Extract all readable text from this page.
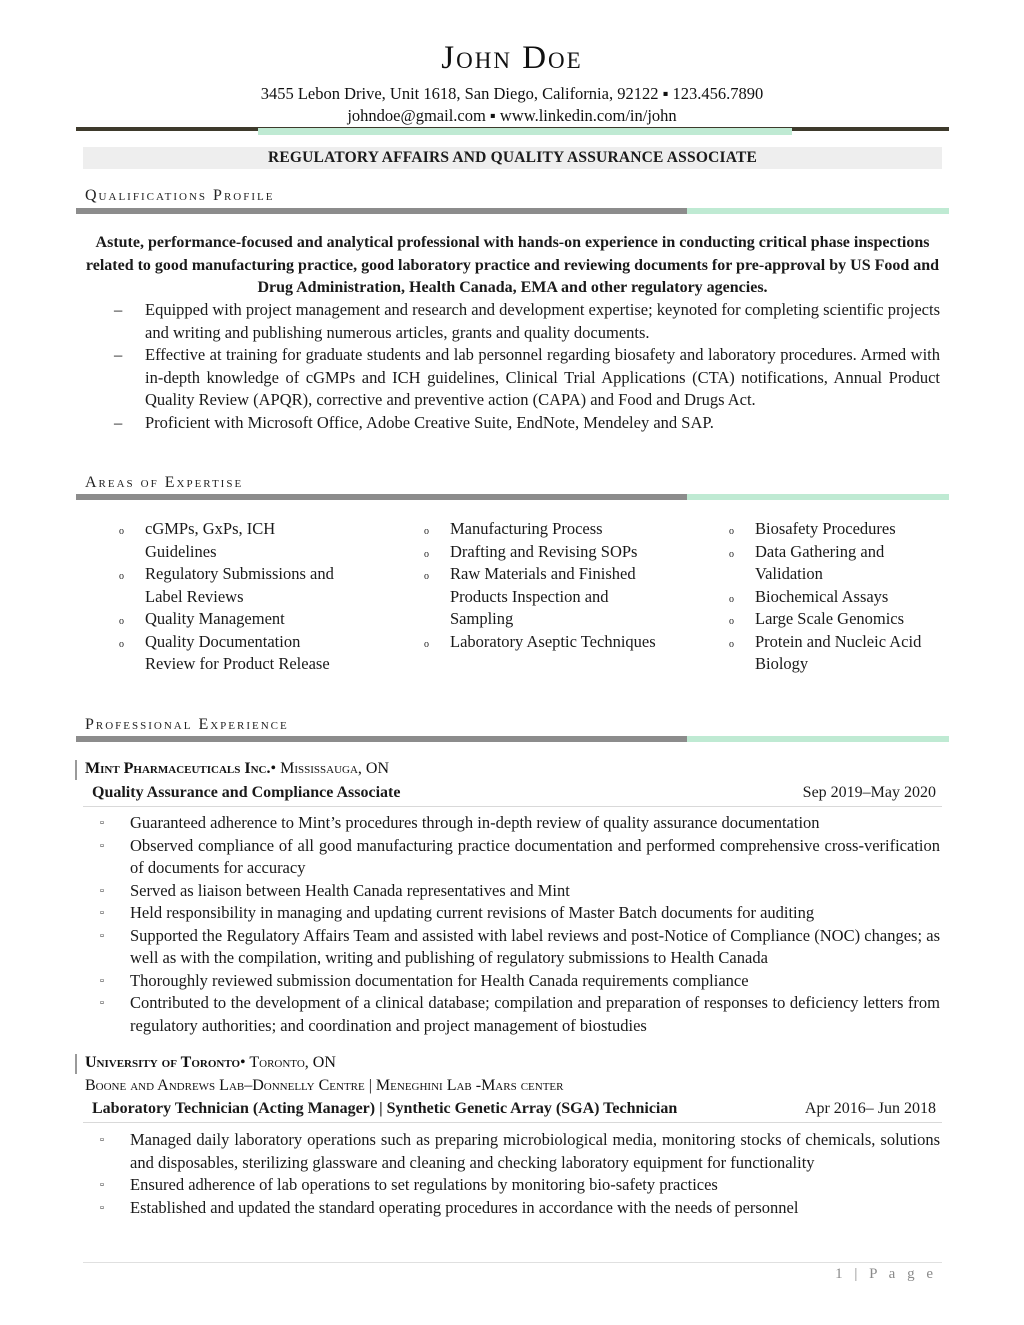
John Doe
3455 Lebon Drive, Unit 1618, San Diego, California, 92122 ▪ 123.456.7890
johndoe@gmail.com ▪ www.linkedin.com/in/john
REGULATORY AFFAIRS AND QUALITY ASSURANCE ASSOCIATE
Qualifications Profile
Astute, performance-focused and analytical professional with hands-on experience in conducting critical phase inspections related to good manufacturing practice, good laboratory practice and reviewing documents for pre-approval by US Food and Drug Administration, Health Canada, EMA and other regulatory agencies.
– Equipped with project management and research and development expertise; keynoted for completing scientific projects and writing and publishing numerous articles, grants and quality documents.
– Effective at training for graduate students and lab personnel regarding biosafety and laboratory procedures. Armed with in-depth knowledge of cGMPs and ICH guidelines, Clinical Trial Applications (CTA) notifications, Annual Product Quality Review (APQR), corrective and preventive action (CAPA) and Food and Drugs Act.
– Proficient with Microsoft Office, Adobe Creative Suite, EndNote, Mendeley and SAP.
Areas of Expertise
o cGMPs, GxPs, ICH Guidelines
o Regulatory Submissions and Label Reviews
o Quality Management
o Quality Documentation Review for Product Release
o Manufacturing Process
o Drafting and Revising SOPs
o Raw Materials and Finished Products Inspection and Sampling
o Laboratory Aseptic Techniques
o Biosafety Procedures
o Data Gathering and Validation
o Biochemical Assays
o Large Scale Genomics
o Protein and Nucleic Acid Biology
Professional Experience
Mint Pharmaceuticals Inc.• Mississauga, ON
Quality Assurance and Compliance Associate	Sep 2019–May 2020
▫ Guaranteed adherence to Mint’s procedures through in-depth review of quality assurance documentation
▫ Observed compliance of all good manufacturing practice documentation and performed comprehensive cross-verification of documents for accuracy
▫ Served as liaison between Health Canada representatives and Mint
▫ Held responsibility in managing and updating current revisions of Master Batch documents for auditing
▫ Supported the Regulatory Affairs Team and assisted with label reviews and post-Notice of Compliance (NOC) changes; as well as with the compilation, writing and publishing of regulatory submissions to Health Canada
▫ Thoroughly reviewed submission documentation for Health Canada requirements compliance
▫ Contributed to the development of a clinical database; compilation and preparation of responses to deficiency letters from regulatory authorities; and coordination and project management of biostudies
University of Toronto• Toronto, ON
Boone and Andrews Lab–Donnelly Centre | Meneghini Lab -Mars center
Laboratory Technician (Acting Manager) | Synthetic Genetic Array (SGA) Technician	Apr 2016– Jun 2018
▫ Managed daily laboratory operations such as preparing microbiological media, monitoring stocks of chemicals, solutions and disposables, sterilizing glassware and cleaning and checking laboratory equipment for functionality
▫ Ensured adherence of lab operations to set regulations by monitoring bio-safety practices
▫ Established and updated the standard operating procedures in accordance with the needs of personnel
1 | P a g e
